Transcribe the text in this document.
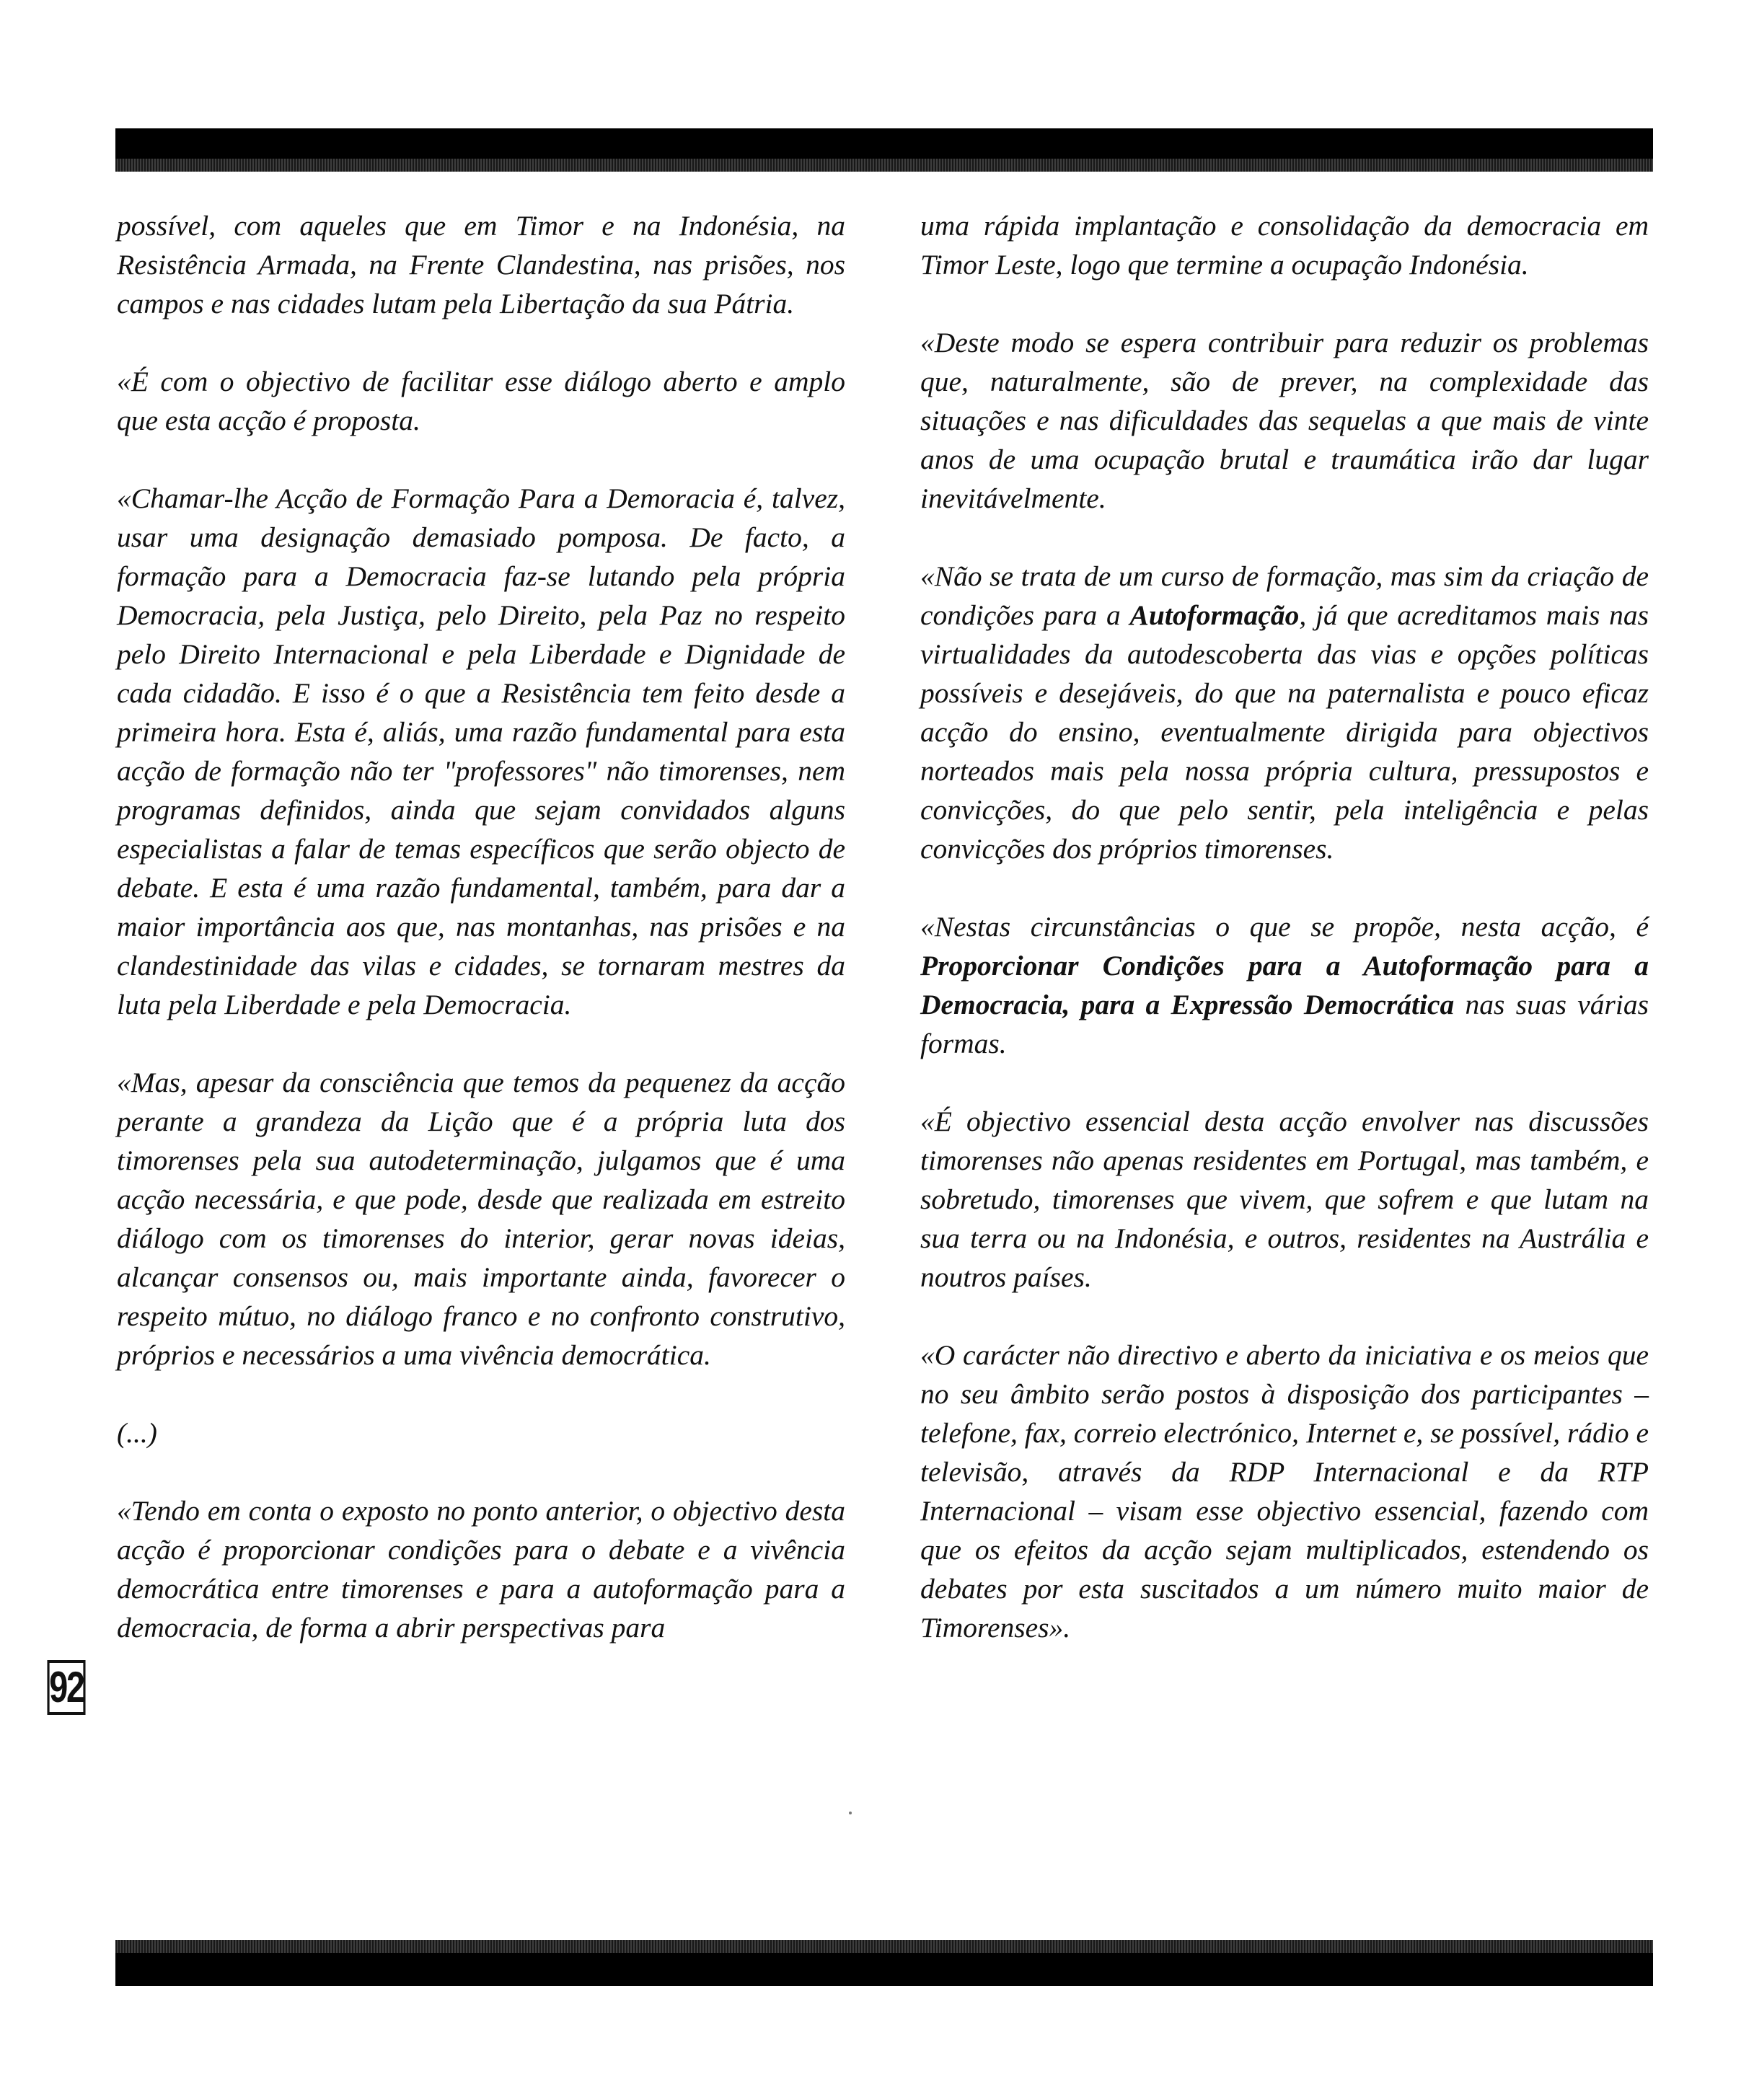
possível, com aqueles que em Timor e na Indonésia, na Resistência Armada, na Frente Clandestina, nas prisões, nos campos e nas cidades lutam pela Libertação da sua Pátria.

«É com o objectivo de facilitar esse diálogo aberto e amplo que esta acção é proposta.

«Chamar-lhe Acção de Formação Para a Demoracia é, talvez, usar uma designação demasiado pomposa. De facto, a formação para a Democracia faz-se lutando pela própria Democracia, pela Justiça, pelo Direito, pela Paz no respeito pelo Direito Internacional e pela Liberdade e Dignidade de cada cidadão. E isso é o que a Resistência tem feito desde a primeira hora. Esta é, aliás, uma razão fundamental para esta acção de formação não ter "professores" não timorenses, nem programas definidos, ainda que sejam convidados alguns especialistas a falar de temas específicos que serão objecto de debate. E esta é uma razão fundamental, também, para dar a maior importância aos que, nas montanhas, nas prisões e na clandestinidade das vilas e cidades, se tornaram mestres da luta pela Liberdade e pela Democracia.

«Mas, apesar da consciência que temos da pequenez da acção perante a grandeza da Lição que é a própria luta dos timorenses pela sua autodeterminação, julgamos que é uma acção necessária, e que pode, desde que realizada em estreito diálogo com os timorenses do interior, gerar novas ideias, alcançar consensos ou, mais importante ainda, favorecer o respeito mútuo, no diálogo franco e no confronto construtivo, próprios e necessários a uma vivência democrática.

(...)

«Tendo em conta o exposto no ponto anterior, o objectivo desta acção é proporcionar condições para o debate e a vivência democrática entre timorenses e para a autoformação para a democracia, de forma a abrir perspectivas para

uma rápida implantação e consolidação da democracia em Timor Leste, logo que termine a ocupação Indonésia.

«Deste modo se espera contribuir para reduzir os problemas que, naturalmente, são de prever, na complexidade das situações e nas dificuldades das sequelas a que mais de vinte anos de uma ocupação brutal e traumática irão dar lugar inevitávelmente.

«Não se trata de um curso de formação, mas sim da criação de condições para a Autoformação, já que acreditamos mais nas virtualidades da autodescoberta das vias e opções políticas possíveis e desejáveis, do que na paternalista e pouco eficaz acção do ensino, eventualmente dirigida para objectivos norteados mais pela nossa própria cultura, pressupostos e convicções, do que pelo sentir, pela inteligência e pelas convicções dos próprios timorenses.

«Nestas circunstâncias o que se propõe, nesta acção, é Proporcionar Condições para a Autoformação para a Democracia, para a Expressão Democrática nas suas várias formas.

«É objectivo essencial desta acção envolver nas discussões timorenses não apenas residentes em Portugal, mas também, e sobretudo, timorenses que vivem, que sofrem e que lutam na sua terra ou na Indonésia, e outros, residentes na Austrália e noutros países.

«O carácter não directivo e aberto da iniciativa e os meios que no seu âmbito serão postos à disposição dos participantes – telefone, fax, correio electrónico, Internet e, se possível, rádio e televisão, através da RDP Internacional e da RTP Internacional – visam esse objectivo essencial, fazendo com que os efeitos da acção sejam multiplicados, estendendo os debates por esta suscitados a um número muito maior de Timorenses».

92
